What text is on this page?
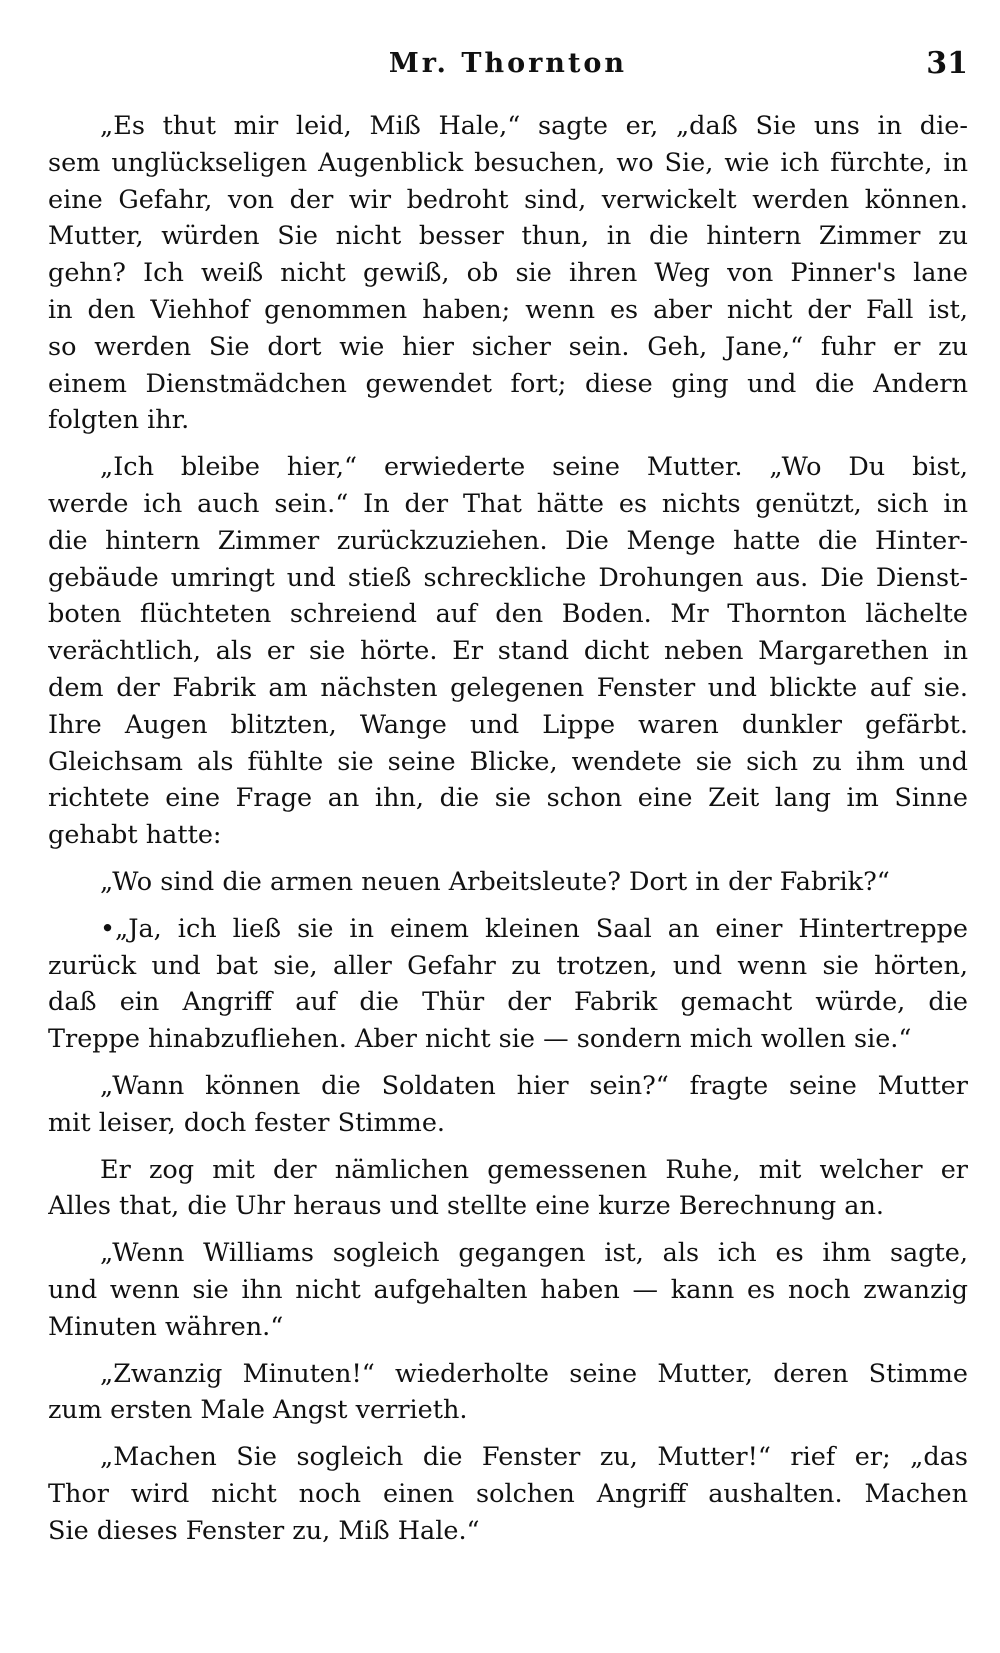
Mr. Thornton	31
„Es thut mir leid, Miß Hale,“ sagte er, „daß Sie uns in die-
sem unglückseligen Augenblick besuchen, wo Sie, wie ich fürchte, in
eine Gefahr, von der wir bedroht sind, verwickelt werden können.
Mutter, würden Sie nicht besser thun, in die hintern Zimmer zu
gehn? Ich weiß nicht gewiß, ob sie ihren Weg von Pinner's lane
in den Viehhof genommen haben; wenn es aber nicht der Fall ist,
so werden Sie dort wie hier sicher sein. Geh, Jane,“ fuhr er zu
einem Dienstmädchen gewendet fort; diese ging und die Andern
folgten ihr.
„Ich bleibe hier,“ erwiederte seine Mutter. „Wo Du bist,
werde ich auch sein.“ In der That hätte es nichts genützt, sich in
die hintern Zimmer zurückzuziehen. Die Menge hatte die Hinter-
gebäude umringt und stieß schreckliche Drohungen aus. Die Dienst-
boten flüchteten schreiend auf den Boden. Mr Thornton lächelte
verächtlich, als er sie hörte. Er stand dicht neben Margarethen in
dem der Fabrik am nächsten gelegenen Fenster und blickte auf sie.
Ihre Augen blitzten, Wange und Lippe waren dunkler gefärbt.
Gleichsam als fühlte sie seine Blicke, wendete sie sich zu ihm und
richtete eine Frage an ihn, die sie schon eine Zeit lang im Sinne
gehabt hatte:
„Wo sind die armen neuen Arbeitsleute? Dort in der Fabrik?“
•„Ja, ich ließ sie in einem kleinen Saal an einer Hintertreppe
zurück und bat sie, aller Gefahr zu trotzen, und wenn sie hörten,
daß ein Angriff auf die Thür der Fabrik gemacht würde, die
Treppe hinabzufliehen. Aber nicht sie — sondern mich wollen sie.“
„Wann können die Soldaten hier sein?“ fragte seine Mutter
mit leiser, doch fester Stimme.
Er zog mit der nämlichen gemessenen Ruhe, mit welcher er
Alles that, die Uhr heraus und stellte eine kurze Berechnung an.
„Wenn Williams sogleich gegangen ist, als ich es ihm sagte,
und wenn sie ihn nicht aufgehalten haben — kann es noch zwanzig
Minuten währen.“
„Zwanzig Minuten!“ wiederholte seine Mutter, deren Stimme
zum ersten Male Angst verrieth.
„Machen Sie sogleich die Fenster zu, Mutter!“ rief er; „das
Thor wird nicht noch einen solchen Angriff aushalten. Machen
Sie dieses Fenster zu, Miß Hale.“
